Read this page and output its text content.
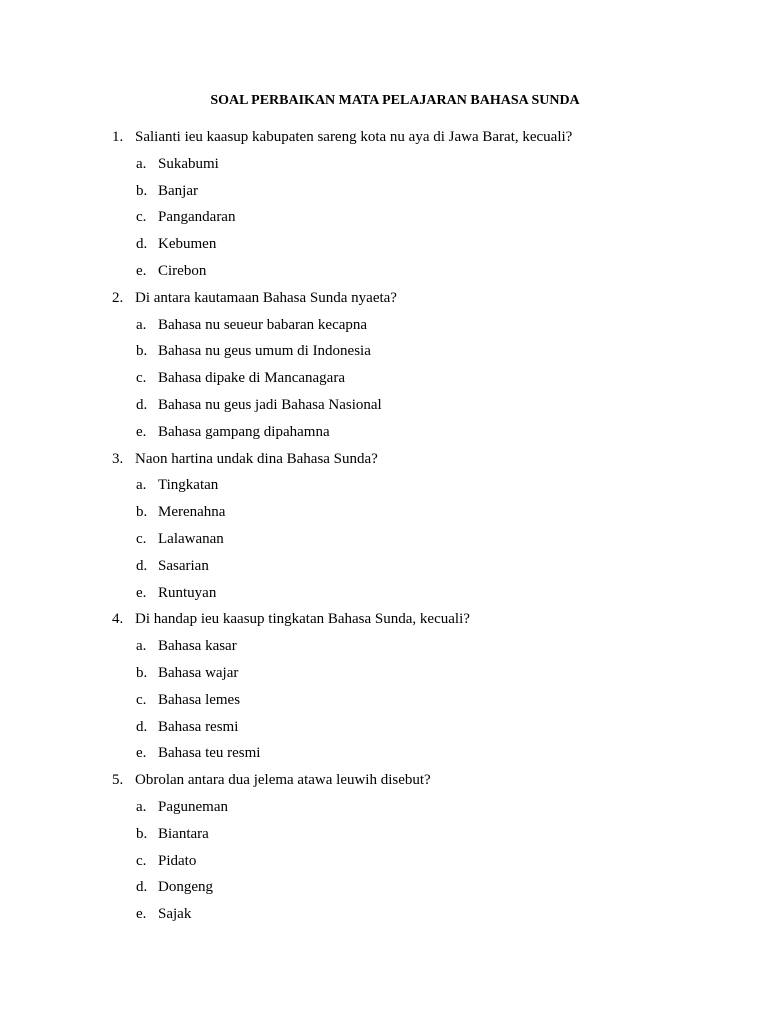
SOAL PERBAIKAN MATA PELAJARAN BAHASA SUNDA
1. Salianti ieu kaasup kabupaten sareng kota nu aya di Jawa Barat, kecuali?
a. Sukabumi
b. Banjar
c. Pangandaran
d. Kebumen
e. Cirebon
2. Di antara kautamaan Bahasa Sunda nyaeta?
a. Bahasa nu seueur babaran kecapna
b. Bahasa nu geus umum di Indonesia
c. Bahasa dipake di Mancanagara
d. Bahasa nu geus jadi Bahasa Nasional
e. Bahasa gampang dipahamna
3. Naon hartina undak dina Bahasa Sunda?
a. Tingkatan
b. Merenahna
c. Lalawanan
d. Sasarian
e. Runtuyan
4. Di handap ieu kaasup tingkatan Bahasa Sunda, kecuali?
a. Bahasa kasar
b. Bahasa wajar
c. Bahasa lemes
d. Bahasa resmi
e. Bahasa teu resmi
5. Obrolan antara dua jelema atawa leuwih disebut?
a. Paguneman
b. Biantara
c. Pidato
d. Dongeng
e. Sajak
